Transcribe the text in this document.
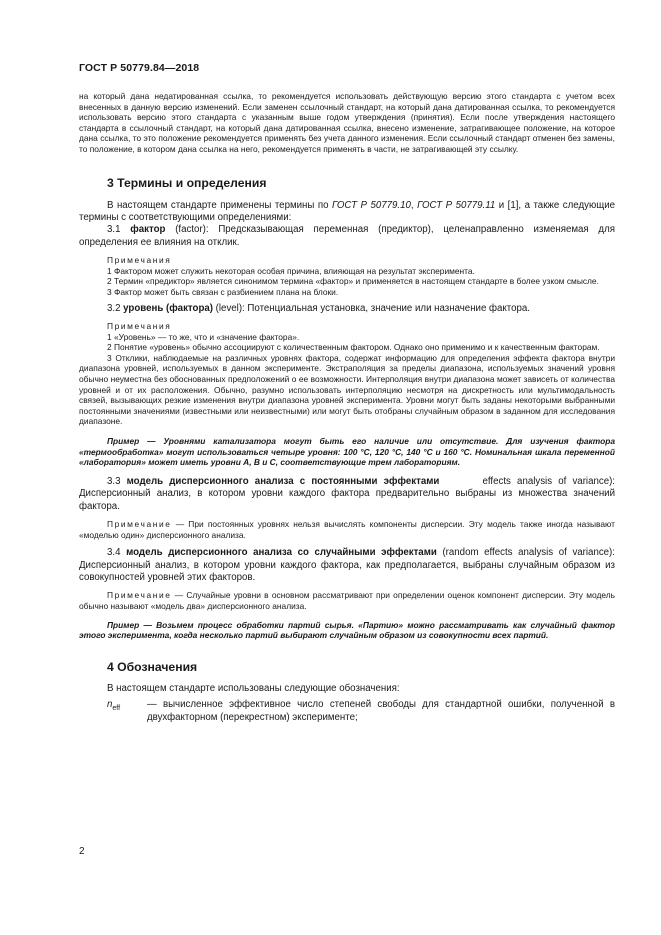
ГОСТ Р 50779.84—2018

на который дана недатированная ссылка, то рекомендуется использовать действующую версию этого стандарта с учетом всех внесенных в данную версию изменений. Если заменен ссылочный стандарт, на который дана датированная ссылка, то рекомендуется использовать версию этого стандарта с указанным выше годом утверждения (принятия). Если после утверждения настоящего стандарта в ссылочный стандарт, на который дана датированная ссылка, внесено изменение, затрагивающее положение, на которое дана ссылка, то это положение рекомендуется применять без учета данного изменения. Если ссылочный стандарт отменен без замены, то положение, в котором дана ссылка на него, рекомендуется применять в части, не затрагивающей эту ссылку.

3 Термины и определения

В настоящем стандарте применены термины по ГОСТ Р 50779.10, ГОСТ Р 50779.11 и [1], а также следующие термины с соответствующими определениями:

3.1 фактор (factor): Предсказывающая переменная (предиктор), целенаправленно изменяемая для определения ее влияния на отклик.

Примечания

1 Фактором может служить некоторая особая причина, влияющая на результат эксперимента.

2 Термин «предиктор» является синонимом термина «фактор» и применяется в настоящем стандарте в более узком смысле.

3 Фактор может быть связан с разбиением плана на блоки.

3.2 уровень (фактора) (level): Потенциальная установка, значение или назначение фактора.

Примечания

1 «Уровень» — то же, что и «значение фактора».

2 Понятие «уровень» обычно ассоциируют с количественным фактором. Однако оно применимо и к качественным факторам.

3 Отклики, наблюдаемые на различных уровнях фактора, содержат информацию для определения эффекта фактора внутри диапазона уровней, используемых в данном эксперименте. Экстраполяция за пределы диапазона, используемых значений уровня обычно неуместна без обоснованных предположений о ее возможности. Интерполяция внутри диапазона может зависеть от количества уровней и от их расположения. Обычно, разумно использовать интерполяцию несмотря на дискретность или мультимодальность связей, вызывающих резкие изменения внутри диапазона уровней эксперимента. Уровни могут быть заданы некоторыми выбранными постоянными значениями (известными или неизвестными) или могут быть отобраны случайным образом в заданном для исследования диапазоне.

Пример — Уровнями катализатора могут быть его наличие или отсутствие. Для изучения фактора «термообработка» могут использоваться четыре уровня: 100 °С, 120 °С, 140 °С и 160 °С. Номинальная шкала переменной «лаборатория» может иметь уровни А, В и С, соответствующие трем лабораториям.

3.3 модель дисперсионного анализа с постоянными эффектами       effects analysis of variance): Дисперсионный анализ, в котором уровни каждого фактора предварительно выбраны из множества значений фактора.

Примечание — При постоянных уровнях нельзя вычислять компоненты дисперсии. Эту модель также иногда называют «моделью один» дисперсионного анализа.

3.4 модель дисперсионного анализа со случайными эффектами (random effects analysis of variance): Дисперсионный анализ, в котором уровни каждого фактора, как предполагается, выбраны случайным образом из совокупностей уровней этих факторов.

Примечание — Случайные уровни в основном рассматривают при определении оценок компонент дисперсии. Эту модель обычно называют «модель два» дисперсионного анализа.

Пример — Возьмем процесс обработки партий сырья. «Партию» можно рассматривать как случайный фактор этого эксперимента, когда несколько партий выбирают случайным образом из совокупности всех партий.

4 Обозначения

В настоящем стандарте использованы следующие обозначения:

$n_{eff}$	— вычисленное эффективное число степеней свободы для стандартной ошибки, полученной в двухфакторном (перекрестном) эксперименте;
2
